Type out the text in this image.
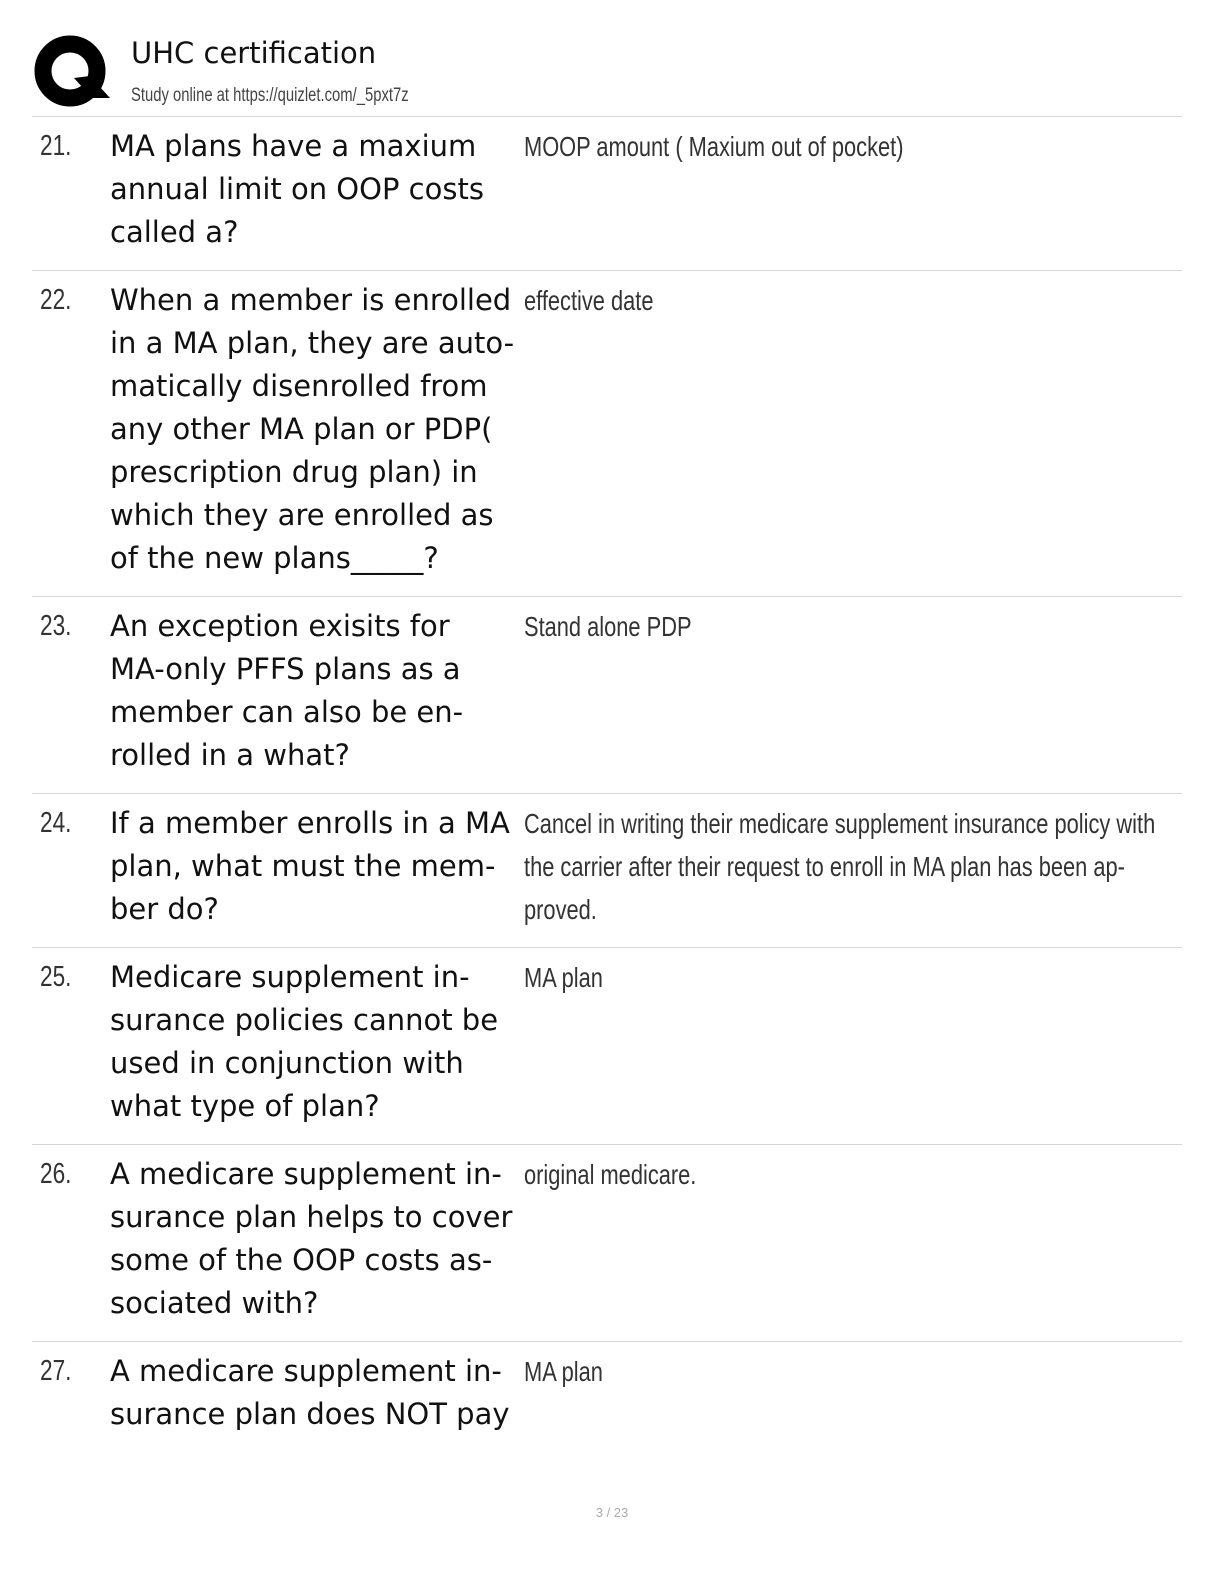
UHC certification
Study online at https://quizlet.com/_5pxt7z
21. MA plans have a maxium
annual limit on OOP costs
called a?
MOOP amount ( Maxium out of pocket)
22. When a member is enrolled
in a MA plan, they are auto-
matically disenrolled from
any other MA plan or PDP(
prescription drug plan) in
which they are enrolled as
of the new plans_____?
effective date
23. An exception exisits for
MA-only PFFS plans as a
member can also be en-
rolled in a what?
Stand alone PDP
24. If a member enrolls in a MA
plan, what must the mem-
ber do?
Cancel in writing their medicare supplement insurance policy with
the carrier after their request to enroll in MA plan has been ap-
proved.
25. Medicare supplement in-
surance policies cannot be
used in conjunction with
what type of plan?
MA plan
26. A medicare supplement in-
surance plan helps to cover
some of the OOP costs as-
sociated with?
original medicare.
27. A medicare supplement in-
surance plan does NOT pay
MA plan
3 / 23
